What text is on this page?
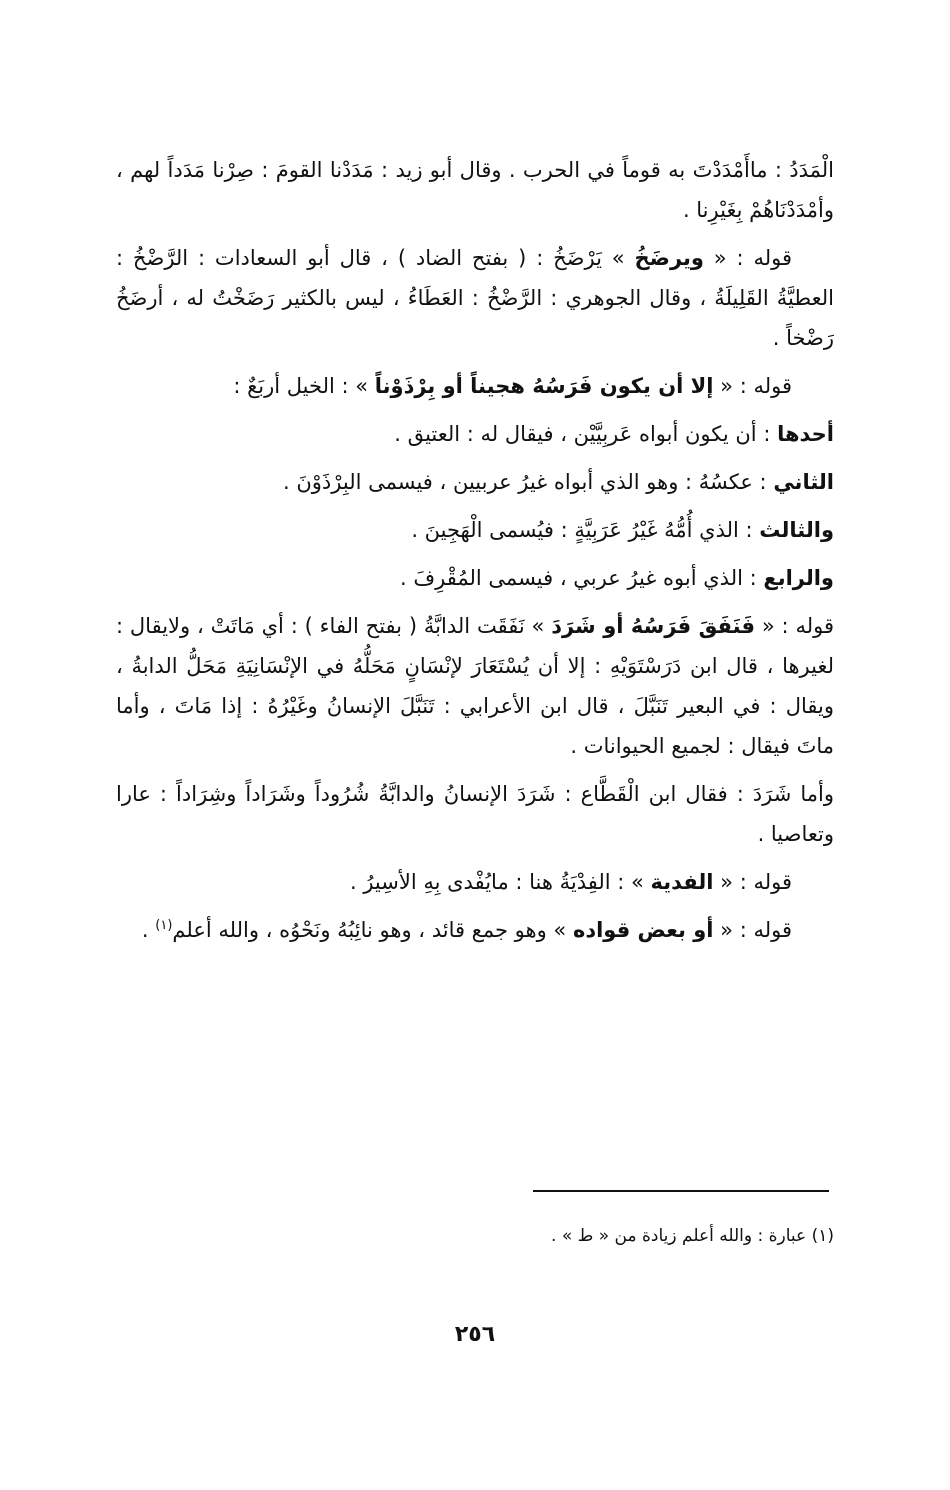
الْمَدَدُ : ماأَمْدَدْتَ به قوماً في الحرب . وقال أبو زيد : مَدَدْنا القومَ : صِرْنا مَدَداً لهم ، وأمْدَدْنَاهُمْ بِغَيْرِنا .

قوله : « ويرضَخُ » يَرْضَخُ : ( بفتح الضاد ) ، قال أبو السعادات : الرَّضْخُ : العطيَّةُ القَلِيلَةُ ، وقال الجوهري : الرَّضْخُ : العَطَاءُ ، ليس بالكثير رَضَخْتُ له ، أرضَخُ رَضْخاً .

قوله : « إلا أن يكون فَرَسُهُ هجيناً أو بِرْذَوْناً » : الخيل أربَعٌ :

أحدها : أن يكون أبواه عَربِيَّيْن ، فيقال له : العتيق .

الثاني : عكسُهُ : وهو الذي أبواه غيرُ عربيين ، فيسمى البِرْذَوْنَ .

والثالث : الذي أُمُّهُ غَيْرُ عَرَبِيَّةٍ : فيُسمى الْهَجِينَ .

والرابع : الذي أبوه غيرُ عربي ، فيسمى المُقْرِفَ .

قوله : « فَنَفَقَ فَرَسُهُ أو شَرَدَ » نَفَقَت الدابَّةُ ( بفتح الفاء ) : أي مَاتَتْ ، ولايقال : لغيرها ، قال ابن دَرَسْتَوَيْهِ : إلا أن يُسْتَعَارَ لإنْسَانٍ مَحَلُّهُ في الإنْسَانِيَةِ مَحَلُّ الدابةُ ، ويقال : في البعير تَنَبَّلَ ، قال ابن الأعرابي : تَنَبَّلَ الإنسانُ وغَيْرُهُ : إذا مَاتَ ، وأما ماتَ فيقال : لجميع الحيوانات .

وأما شَرَدَ : فقال ابن الْقَطَّاع : شَرَدَ الإنسانُ والدابَّةُ شُرُوداً وشَرَاداً وشِرَاداً : عارا وتعاصيا .

قوله : « الفدية » : الفِدْيَةُ هنا : مايُفْدى بِهِ الأسِيرُ .

قوله : « أو بعض قواده » وهو جمع قائد ، وهو نائِبُهُ ونَحْوُه ، والله أعلم$^{(١)}$ .

(١) عبارة : والله أعلم زيادة من « ط » .
٢٥٦
